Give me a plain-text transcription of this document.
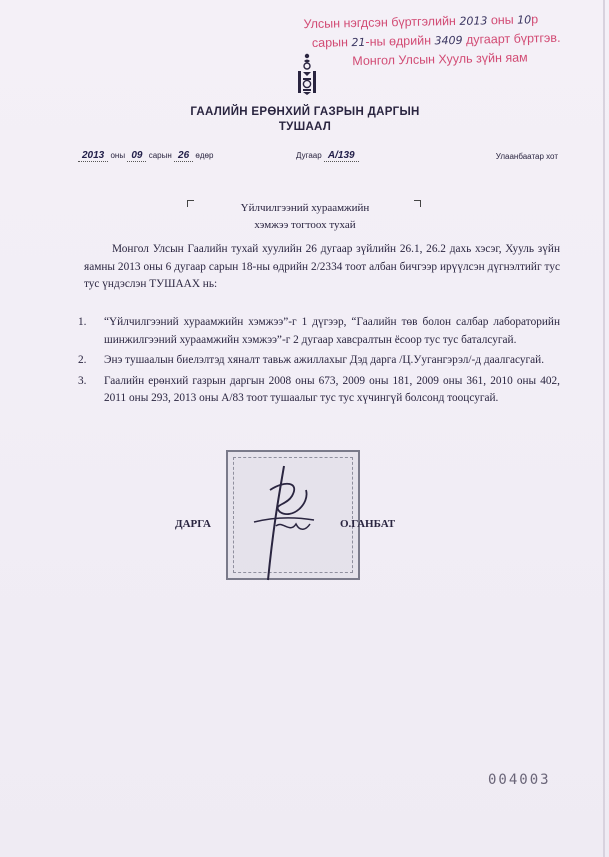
Улсын нэгдсэн бүртгэлийн 2013 оны 10р
сарын 21-ны өдрийн 3409 дугаарт бүртгэв.
Монгол Улсын Хууль зүйн яам
ГААЛИЙН ЕРӨНХИЙ ГАЗРЫН ДАРГЫН
ТУШААЛ
2013 оны 09 сарын 26 өдөр	Дугаар А/139	Улаанбаатар хот
Үйлчилгээний хураамжийн
хэмжээ тогтоох тухай

Монгол Улсын Гаалийн тухай хуулийн 26 дугаар зүйлийн 26.1, 26.2 дахь хэсэг, Хууль зүйн яамны 2013 оны 6 дугаар сарын 18-ны өдрийн 2/2334 тоот албан бичгээр ирүүлсэн дүгнэлтийг тус тус үндэслэн ТУШААХ нь:

1. “Үйлчилгээний хураамжийн хэмжээ”-г 1 дүгээр, “Гаалийн төв болон салбар лабораторийн шинжилгээний хураамжийн хэмжээ”-г 2 дугаар хавсралтын ёсоор тус тус баталсугай.
2. Энэ тушаалын биелэлтэд хяналт тавьж ажиллахыг Дэд дарга /Ц.Уугангэрэл/-д даалгасугай.
3. Гаалийн ерөнхий газрын даргын 2008 оны 673, 2009 оны 181, 2009 оны 361, 2010 оны 402, 2011 оны 293, 2013 оны А/83 тоот тушаалыг тус тус хүчингүй болсонд тооцсугай.
ДАРГА	О.ГАНБАТ
004003
